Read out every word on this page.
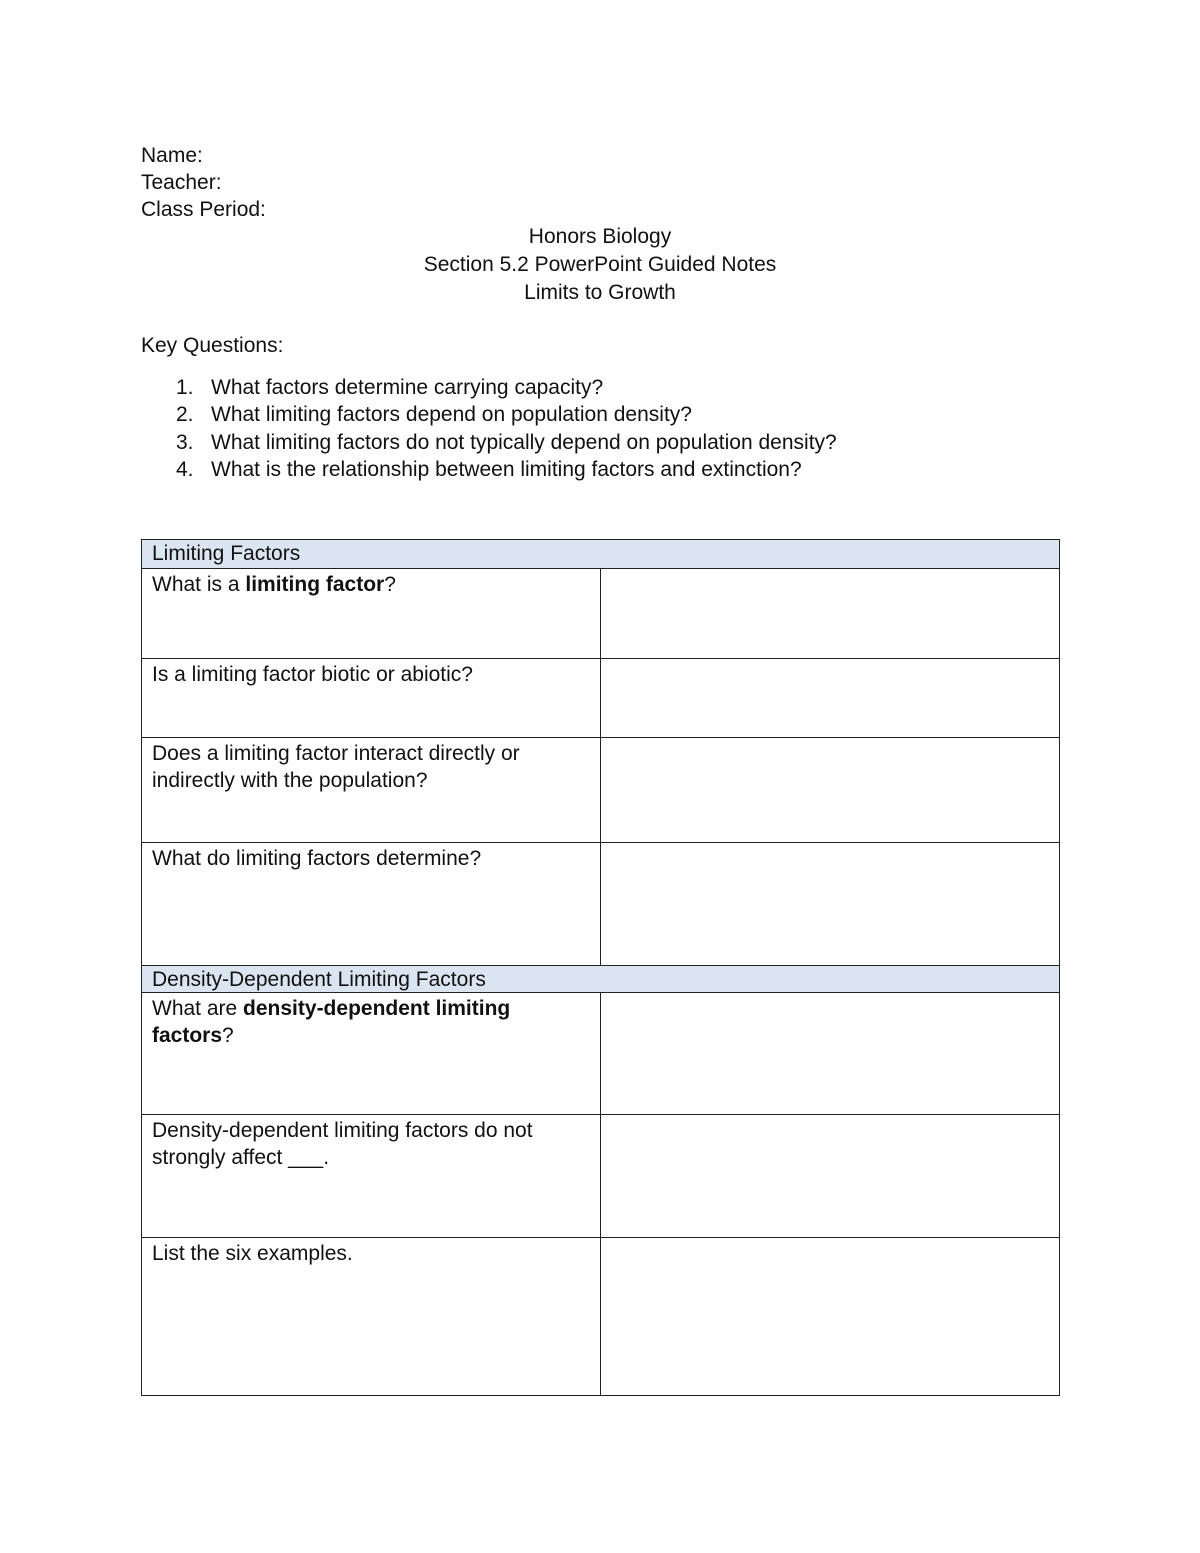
Name:
Teacher:
Class Period:
Honors Biology
Section 5.2 PowerPoint Guided Notes
Limits to Growth
Key Questions:
1. What factors determine carrying capacity?
2. What limiting factors depend on population density?
3. What limiting factors do not typically depend on population density?
4. What is the relationship between limiting factors and extinction?
Limiting Factors	
What is a limiting factor?	
Is a limiting factor biotic or abiotic?	
Does a limiting factor interact directly or indirectly with the population?	
What do limiting factors determine?	
Density-Dependent Limiting Factors	
What are density-dependent limiting factors?	
Density-dependent limiting factors do not strongly affect ___.	
List the six examples.	
